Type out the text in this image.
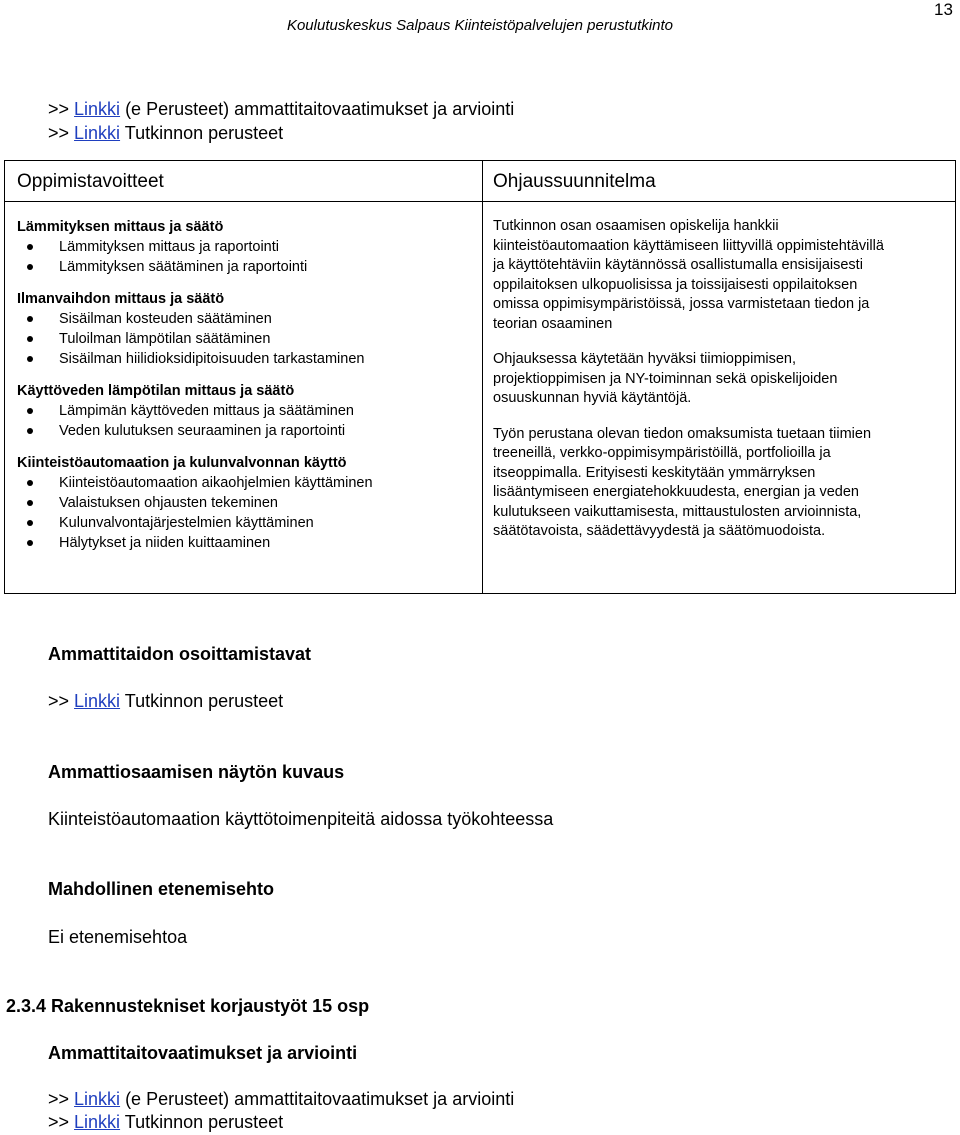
13
Koulutuskeskus Salpaus Kiinteistöpalvelujen perustutkinto
>> Linkki (e Perusteet) ammattitaitovaatimukset ja arviointi
>> Linkki Tutkinnon perusteet
Oppimistavoitteet
Lämmityksen mittaus ja säätö
Lämmityksen mittaus ja raportointi
Lämmityksen säätäminen ja raportointi
Ilmanvaihdon mittaus ja säätö
Sisäilman kosteuden säätäminen
Tuloilman lämpötilan säätäminen
Sisäilman hiilidioksidipitoisuuden tarkastaminen
Käyttöveden lämpötilan mittaus ja säätö
Lämpimän käyttöveden mittaus ja säätäminen
Veden kulutuksen seuraaminen ja raportointi
Kiinteistöautomaation ja kulunvalvonnan käyttö
Kiinteistöautomaation aikaohjelmien käyttäminen
Valaistuksen ohjausten tekeminen
Kulunvalvontajärjestelmien käyttäminen
Hälytykset ja niiden kuittaaminen
Ohjaussuunnitelma
Tutkinnon osan osaamisen opiskelija hankkii
kiinteistöautomaation käyttämiseen liittyvillä oppimistehtävillä
ja käyttötehtäviin käytännössä osallistumalla ensisijaisesti
oppilaitoksen ulkopuolisissa ja toissijaisesti oppilaitoksen
omissa oppimisympäristöissä, jossa varmistetaan tiedon ja
teorian osaaminen
Ohjauksessa käytetään hyväksi tiimioppimisen,
projektioppimisen ja NY-toiminnan sekä opiskelijoiden
osuuskunnan hyviä käytäntöjä.
Työn perustana olevan tiedon omaksumista tuetaan tiimien
treeneillä, verkko-oppimisympäristöillä, portfolioilla ja
itseoppimalla. Erityisesti keskitytään ymmärryksen
lisääntymiseen energiatehokkuudesta, energian ja veden
kulutukseen vaikuttamisesta, mittaustulosten arvioinnista,
säätötavoista, säädettävyydestä ja säätömuodoista.
Ammattitaidon osoittamistavat
>> Linkki Tutkinnon perusteet
Ammattiosaamisen näytön kuvaus
Kiinteistöautomaation käyttötoimenpiteitä aidossa työkohteessa
Mahdollinen etenemisehto
Ei etenemisehtoa
2.3.4 Rakennustekniset korjaustyöt 15 osp
Ammattitaitovaatimukset ja arviointi
>> Linkki (e Perusteet) ammattitaitovaatimukset ja arviointi
>> Linkki Tutkinnon perusteet
